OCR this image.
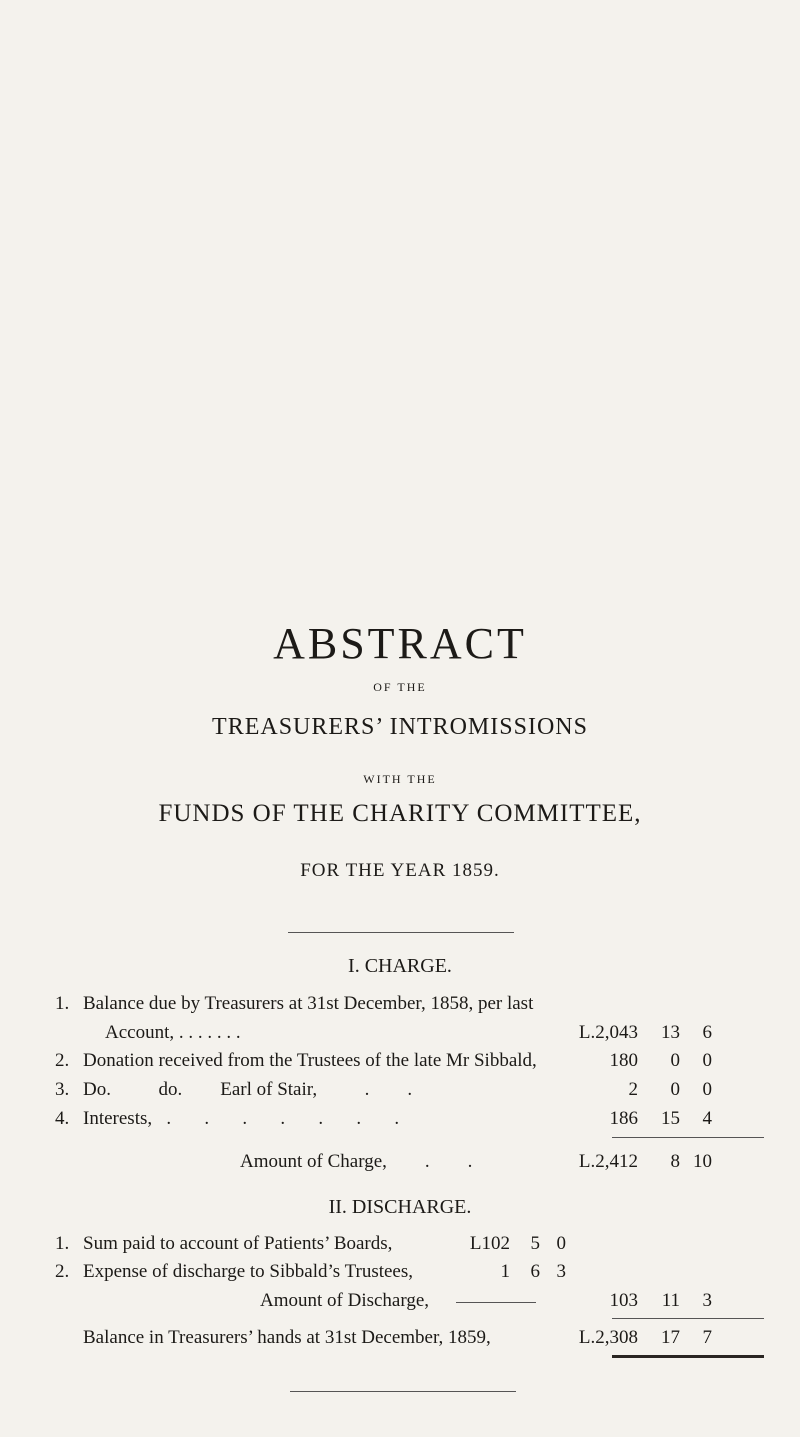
ABSTRACT
OF THE
TREASURERS’ INTROMISSIONS
WITH THE
FUNDS OF THE CHARITY COMMITTEE,
FOR THE YEAR 1859.
I. CHARGE.
1. Balance due by Treasurers at 31st December, 1858, per last
Account, . . . . . . .	L.2,043 13 6
2. Donation received from the Trustees of the late Mr Sibbald,	180 0 0
3. Do.          do.        Earl of Stair,          .        .	2 0 0
4. Interests,   .       .       .       .       .       .       .	186 15 4
Amount of Charge,        .        .	L.2,412 8 10
II. DISCHARGE.
1. Sum paid to account of Patients’ Boards,	L102 5 0
2. Expense of discharge to Sibbald’s Trustees,	1 6 3
Amount of Discharge,	103 11 3
Balance in Treasurers’ hands at 31st December, 1859,	L.2,308 17 7
